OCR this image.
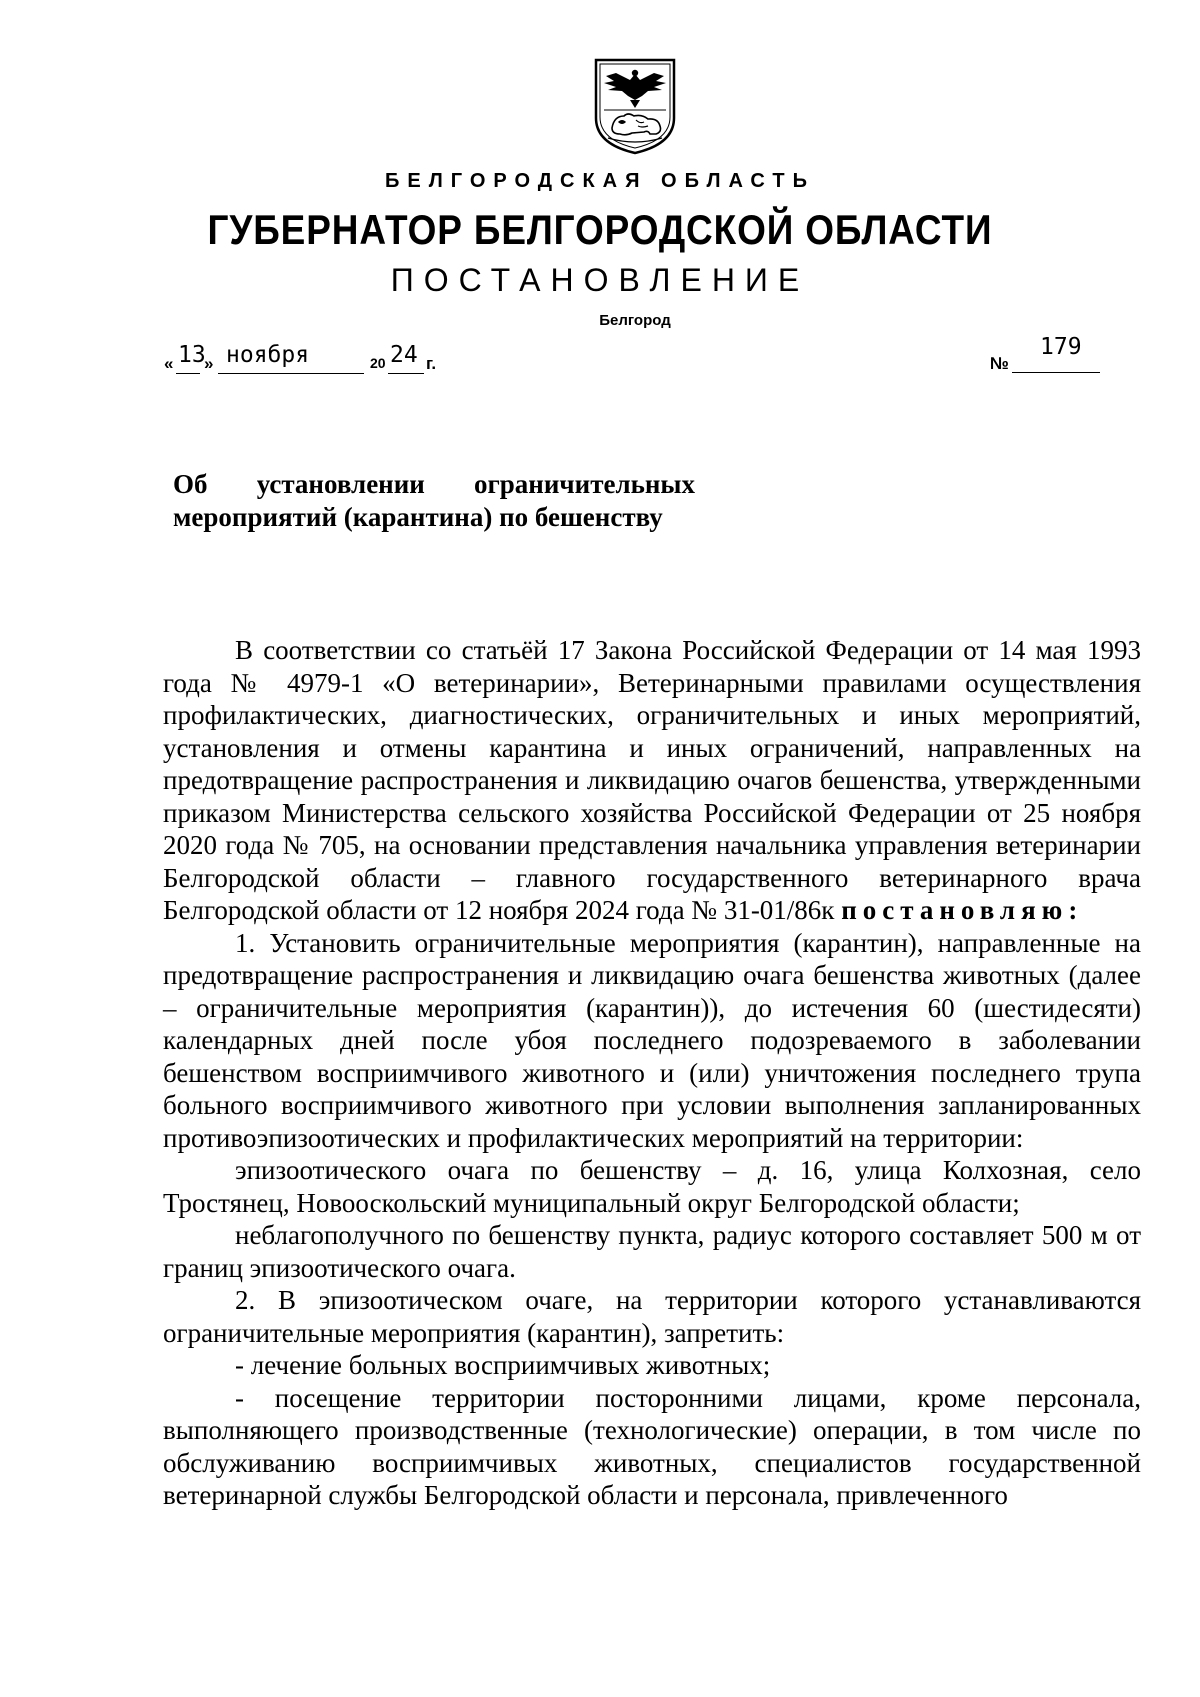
БЕЛГОРОДСКАЯ ОБЛАСТЬ
ГУБЕРНАТОР БЕЛГОРОДСКОЙ ОБЛАСТИ
ПОСТАНОВЛЕНИЕ
Белгород
« 13
» ноября	20 24 г.	№
179
Об установлении ограничительных
мероприятий (карантина) по бешенству

В соответствии со статьёй 17 Закона Российской Федерации от 14 мая 1993 года № 4979-1 «О ветеринарии», Ветеринарными правилами осуществления профилактических, диагностических, ограничительных и иных мероприятий, установления и отмены карантина и иных ограничений, направленных на предотвращение распространения и ликвидацию очагов бешенства, утвержденными приказом Министерства сельского хозяйства Российской Федерации от 25 ноября 2020 года № 705, на основании представления начальника управления ветеринарии Белгородской области – главного государственного ветеринарного врача Белгородской области от 12 ноября 2024 года № 31-01/86к постановляю:

1. Установить ограничительные мероприятия (карантин), направленные на предотвращение распространения и ликвидацию очага бешенства животных (далее – ограничительные мероприятия (карантин)), до истечения 60 (шестидесяти) календарных дней после убоя последнего подозреваемого в заболевании бешенством восприимчивого животного и (или) уничтожения последнего трупа больного восприимчивого животного при условии выполнения запланированных противоэпизоотических и профилактических мероприятий на территории:

эпизоотического очага по бешенству – д. 16, улица Колхозная, село Тростянец, Новооскольский муниципальный округ Белгородской области;

неблагополучного по бешенству пункта, радиус которого составляет 500 м от границ эпизоотического очага.

2. В эпизоотическом очаге, на территории которого устанавливаются ограничительные мероприятия (карантин), запретить:

- лечение больных восприимчивых животных;

- посещение территории посторонними лицами, кроме персонала, выполняющего производственные (технологические) операции, в том числе по обслуживанию восприимчивых животных, специалистов государственной ветеринарной службы Белгородской области и персонала, привлеченного
